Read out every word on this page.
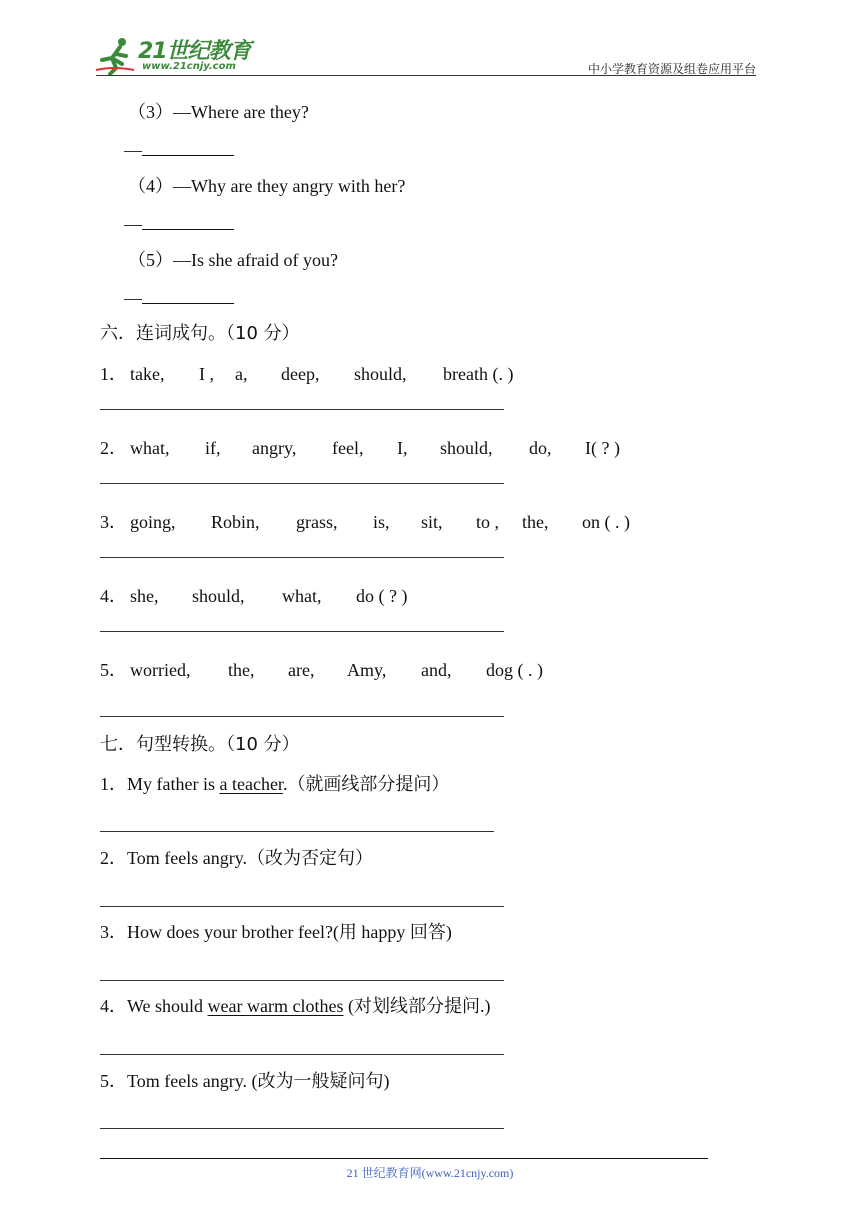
21世纪教育
www.21cnjy.com	中小学教育资源及组卷应用平台
（3）—Where are they?
—
（4）—Why are they angry with her?
—
（5）—Is she afraid of you?
—
六．连词成句。（10 分）
1． take, I , a, deep, should, breath (. )
2． what, if, angry, feel, I, should, do, I( ? )
3． going, Robin, grass, is, sit, to , the, on ( . )
4． she, should, what, do ( ? )
5． worried, the, are, Amy, and, dog ( . )
七．句型转换。（10 分）
1．My father is a teacher.（就画线部分提问）
2．Tom feels angry.（改为否定句）
3．How does your brother feel?(用 happy 回答)
4．We should wear warm clothes (对划线部分提问.)
5．Tom feels angry. (改为一般疑问句)
21 世纪教育网(www.21cnjy.com)
